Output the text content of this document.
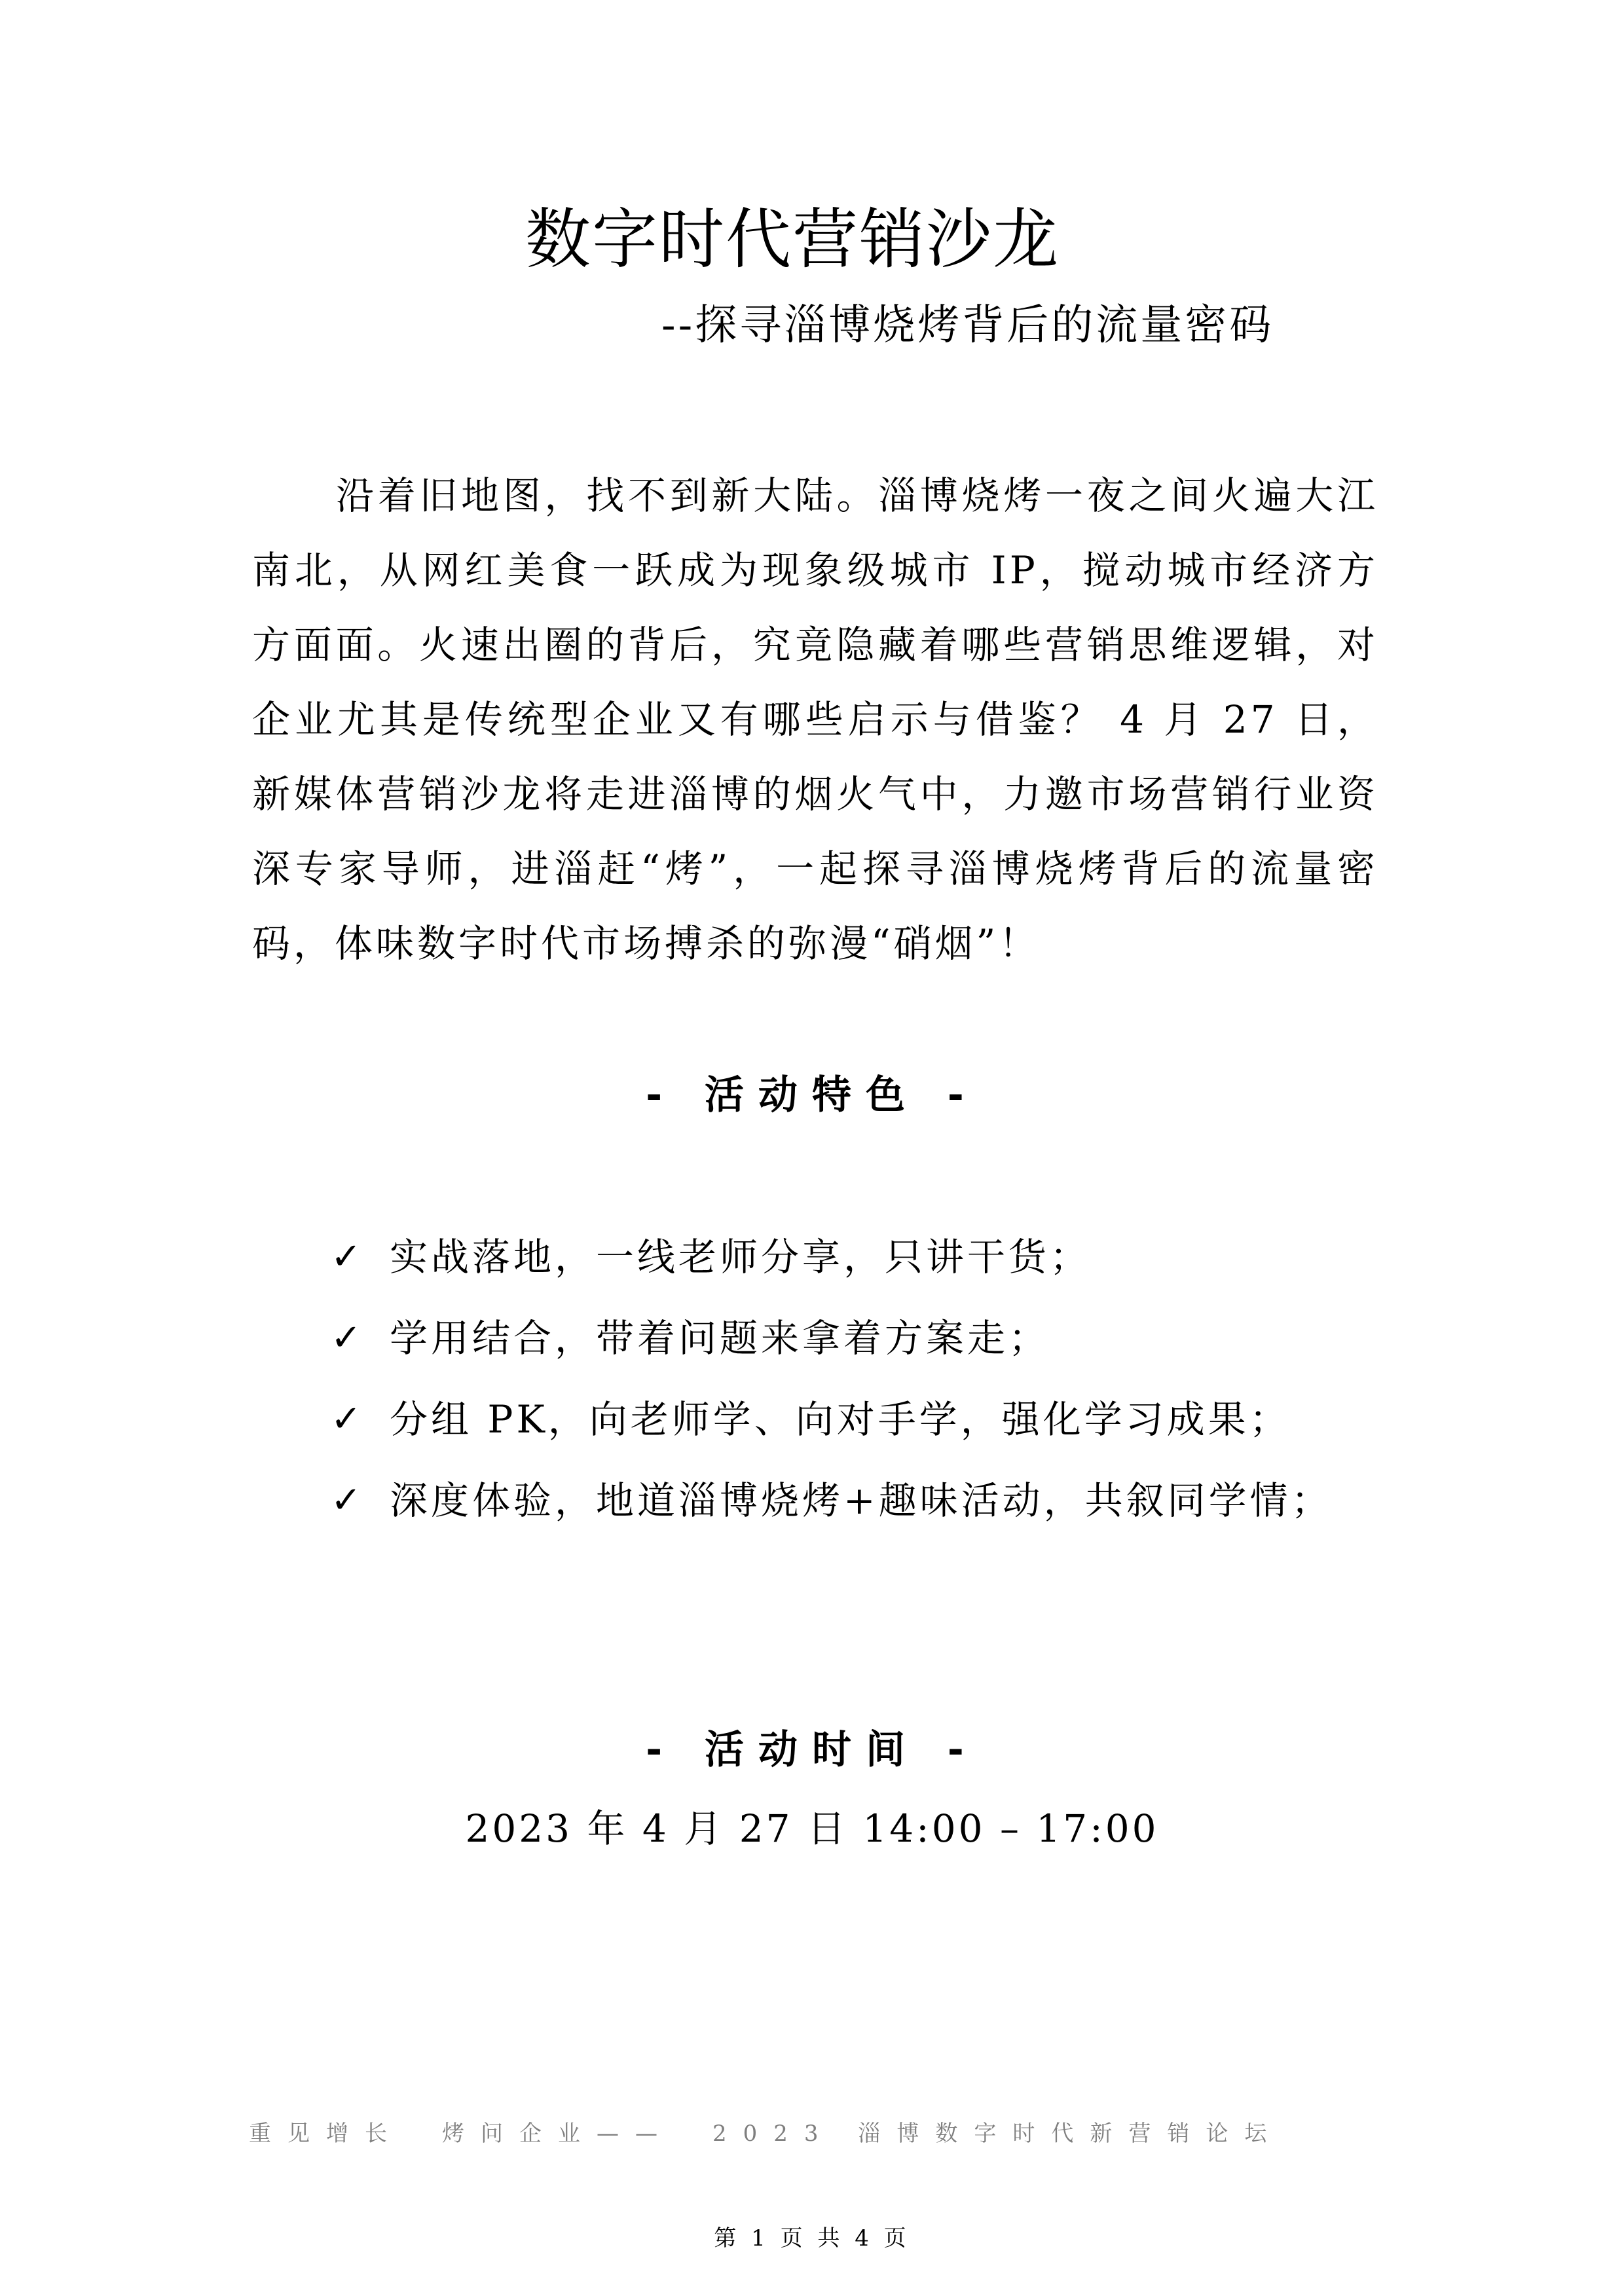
数字时代营销沙龙
--探寻淄博烧烤背后的流量密码

沿着旧地图，找不到新大陆。淄博烧烤一夜之间火遍大江南北，从网红美食一跃成为现象级城市 IP，搅动城市经济方方面面。火速出圈的背后，究竟隐藏着哪些营销思维逻辑，对企业尤其是传统型企业又有哪些启示与借鉴？ 4 月 27 日，新媒体营销沙龙将走进淄博的烟火气中，力邀市场营销行业资深专家导师，进淄赶“烤”，一起探寻淄博烧烤背后的流量密码，体味数字时代市场搏杀的弥漫“硝烟”！

- 活动特色 -
✓ 实战落地，一线老师分享，只讲干货；
✓ 学用结合，带着问题来拿着方案走；
✓ 分组 PK，向老师学、向对手学，强化学习成果；
✓ 深度体验，地道淄博烧烤+趣味活动，共叙同学情；
- 活动时间 -
2023 年 4 月 27 日 14:00 – 17:00
重见增长　烤问企业——　2023 淄博数字时代新营销论坛
第 1 页 共 4 页
